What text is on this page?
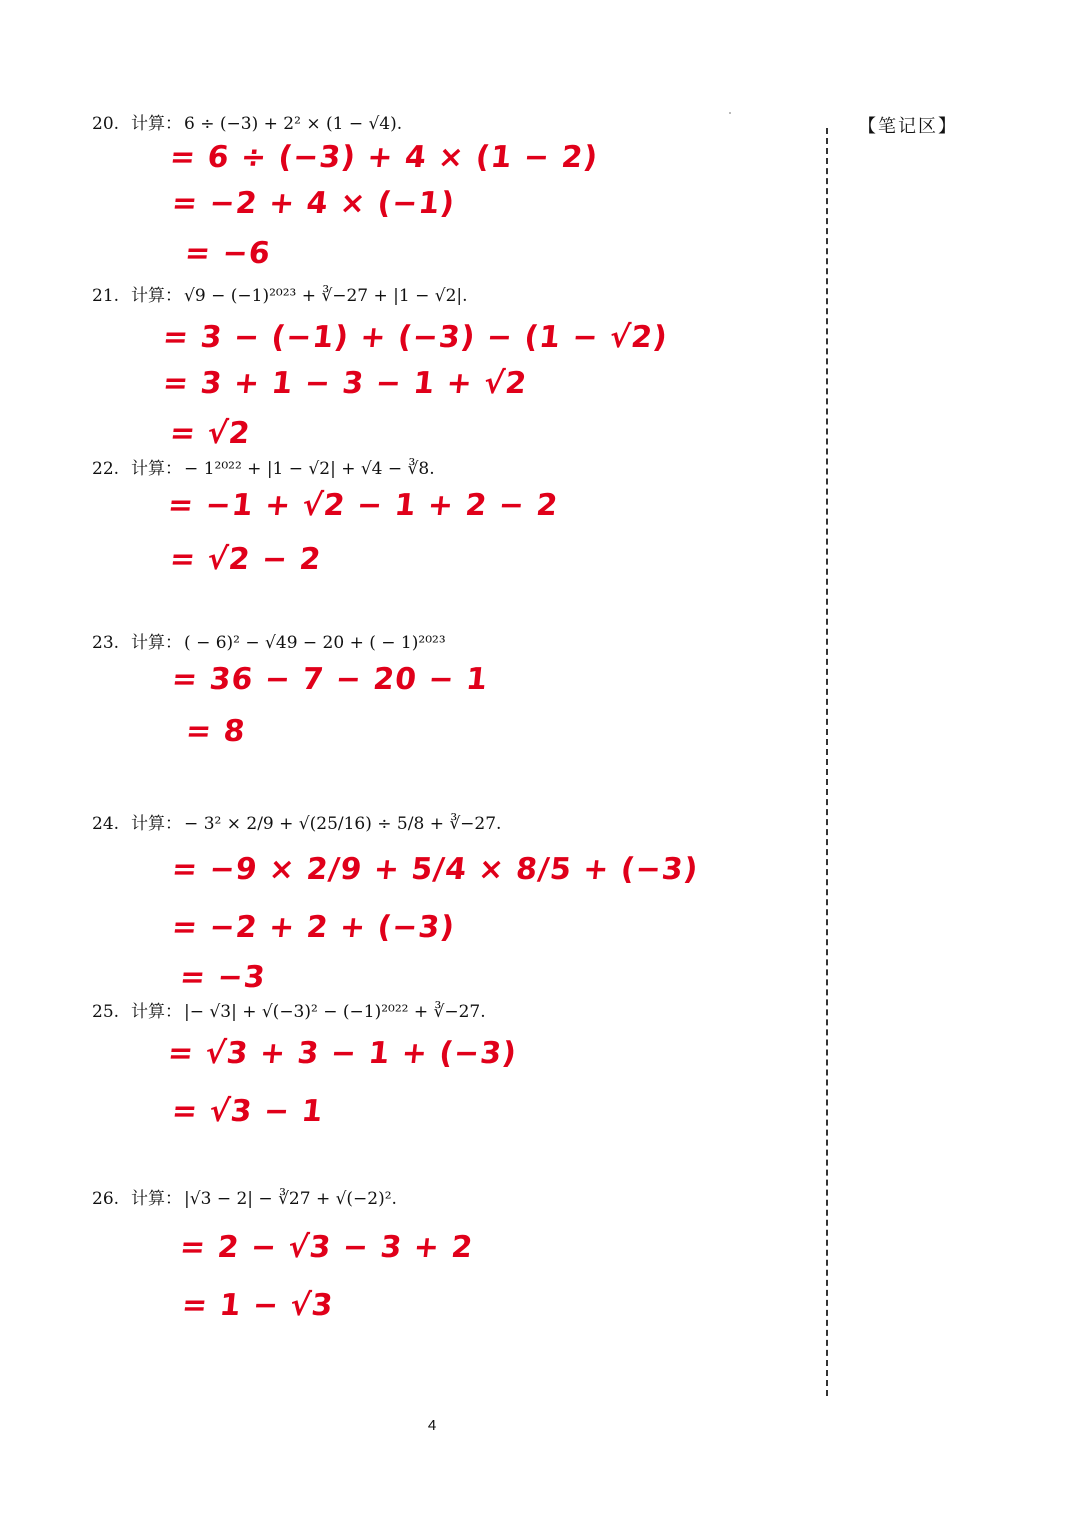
【笔记区】
20. 计算： 6 ÷ (−3) + 2² × (1 − √4).
= 6 ÷ (−3) + 4 × (1 − 2)
= −2 + 4 × (−1)
= −6
21. 计算： √9 − (−1)²⁰²³ + ∛−27 + |1 − √2|.
= 3 − (−1) + (−3) − (1 − √2)
= 3 + 1 − 3 − 1 + √2
= √2
22. 计算： − 1²⁰²² + |1 − √2| + √4 − ∛8.
= −1 + √2 − 1 + 2 − 2
= √2 − 2
23. 计算： ( − 6)² − √49 − 20 + ( − 1)²⁰²³
= 36 − 7 − 20 − 1
= 8
24. 计算： − 3² × 2/9 + √(25/16) ÷ 5/8 + ∛−27.
= −9 × 2/9 + 5/4 × 8/5 + (−3)
= −2 + 2 + (−3)
= −3
25. 计算： |− √3| + √(−3)² − (−1)²⁰²² + ∛−27.
= √3 + 3 − 1 + (−3)
= √3 − 1
26. 计算： |√3 − 2| − ∛27 + √(−2)².
= 2 − √3 − 3 + 2
= 1 − √3
4
